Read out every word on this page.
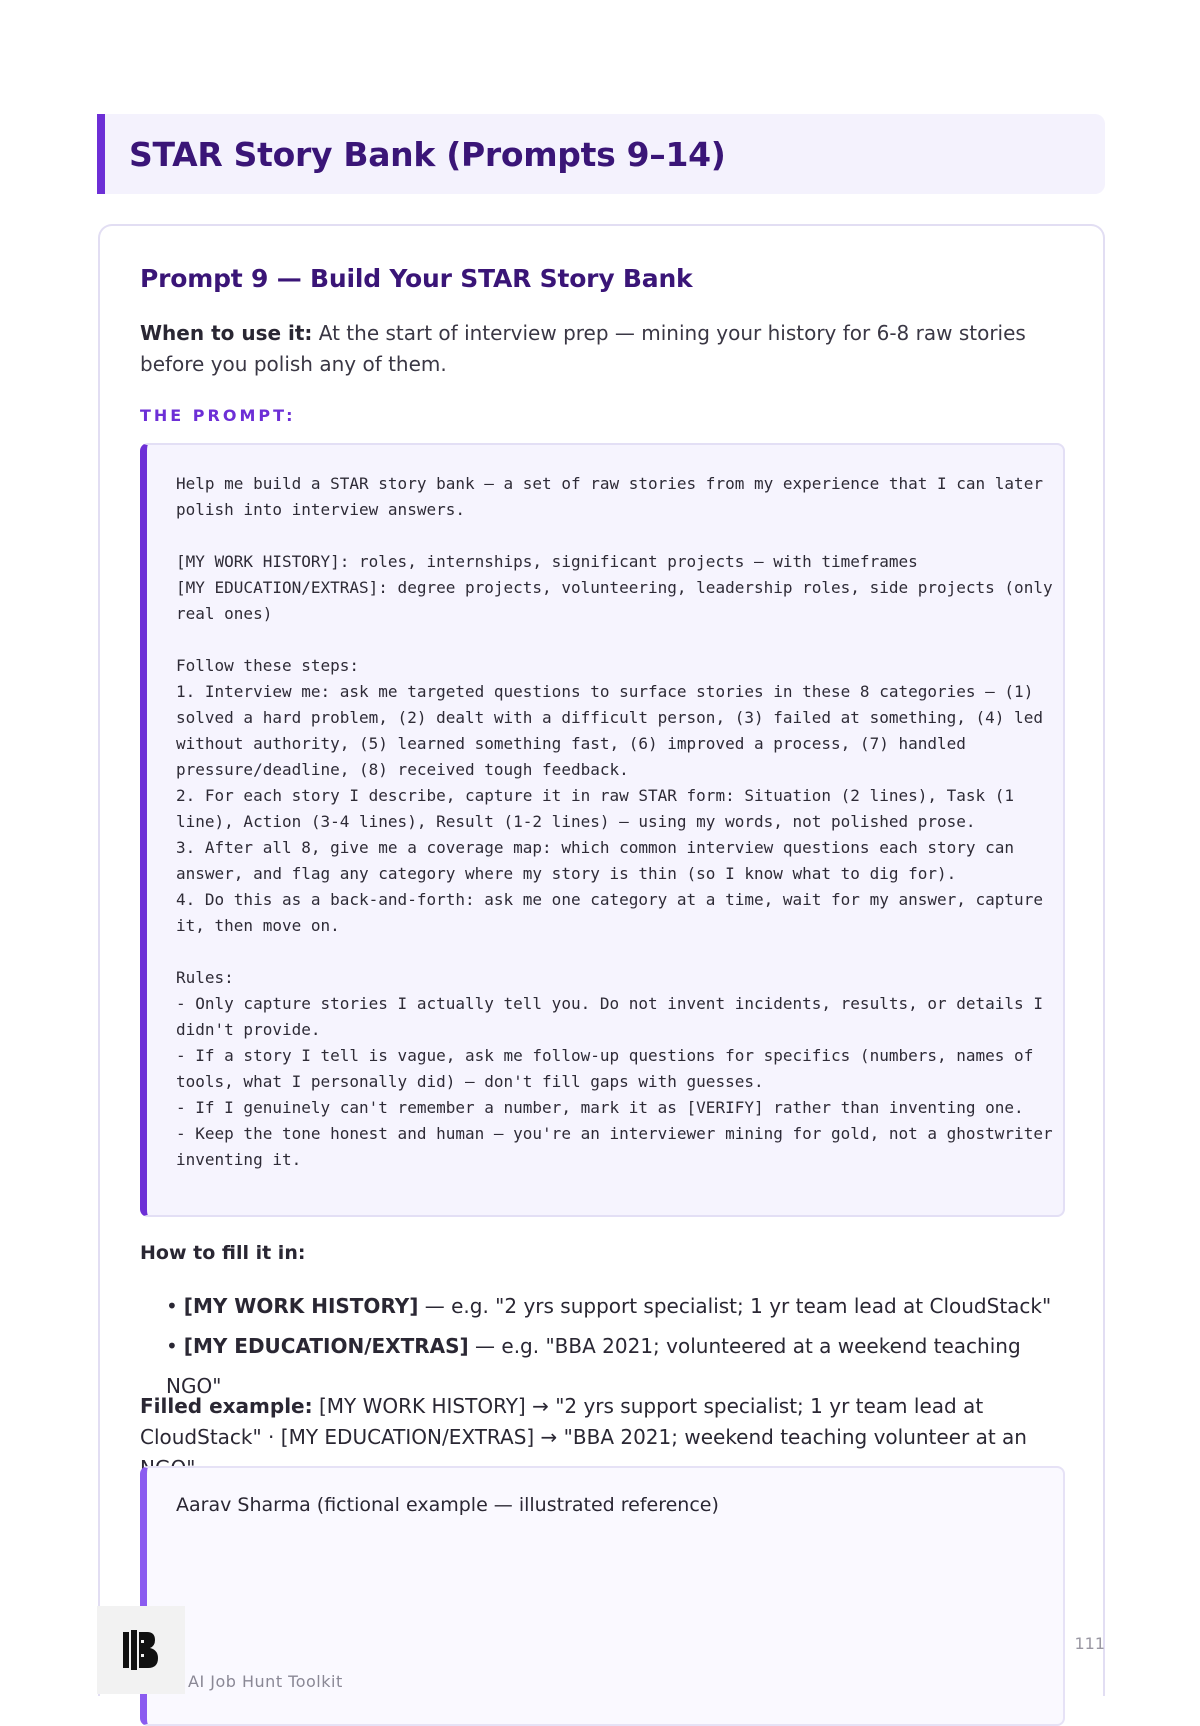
STAR Story Bank (Prompts 9–14)
Prompt 9 — Build Your STAR Story Bank
When to use it: At the start of interview prep — mining your history for 6-8 raw stories before you polish any of them.
THE PROMPT:
Help me build a STAR story bank — a set of raw stories from my experience that I can later polish into interview answers.

[MY WORK HISTORY]: roles, internships, significant projects — with timeframes
[MY EDUCATION/EXTRAS]: degree projects, volunteering, leadership roles, side projects (only real ones)

Follow these steps:
1. Interview me: ask me targeted questions to surface stories in these 8 categories — (1) solved a hard problem, (2) dealt with a difficult person, (3) failed at something, (4) led without authority, (5) learned something fast, (6) improved a process, (7) handled pressure/deadline, (8) received tough feedback.
2. For each story I describe, capture it in raw STAR form: Situation (2 lines), Task (1 line), Action (3-4 lines), Result (1-2 lines) — using my words, not polished prose.
3. After all 8, give me a coverage map: which common interview questions each story can answer, and flag any category where my story is thin (so I know what to dig for).
4. Do this as a back-and-forth: ask me one category at a time, wait for my answer, capture it, then move on.

Rules:
- Only capture stories I actually tell you. Do not invent incidents, results, or details I didn't provide.
- If a story I tell is vague, ask me follow-up questions for specifics (numbers, names of tools, what I personally did) — don't fill gaps with guesses.
- If I genuinely can't remember a number, mark it as [VERIFY] rather than inventing one.
- Keep the tone honest and human — you're an interviewer mining for gold, not a ghostwriter inventing it.
How to fill it in:
• [MY WORK HISTORY] — e.g. "2 yrs support specialist; 1 yr team lead at CloudStack"
• [MY EDUCATION/EXTRAS] — e.g. "BBA 2021; volunteered at a weekend teaching NGO"
Filled example: [MY WORK HISTORY] → "2 yrs support specialist; 1 yr team lead at CloudStack" · [MY EDUCATION/EXTRAS] → "BBA 2021; weekend teaching volunteer at an
Aarav Sharma (fictional example — illustrated reference)
AI Job Hunt Toolkit
111
